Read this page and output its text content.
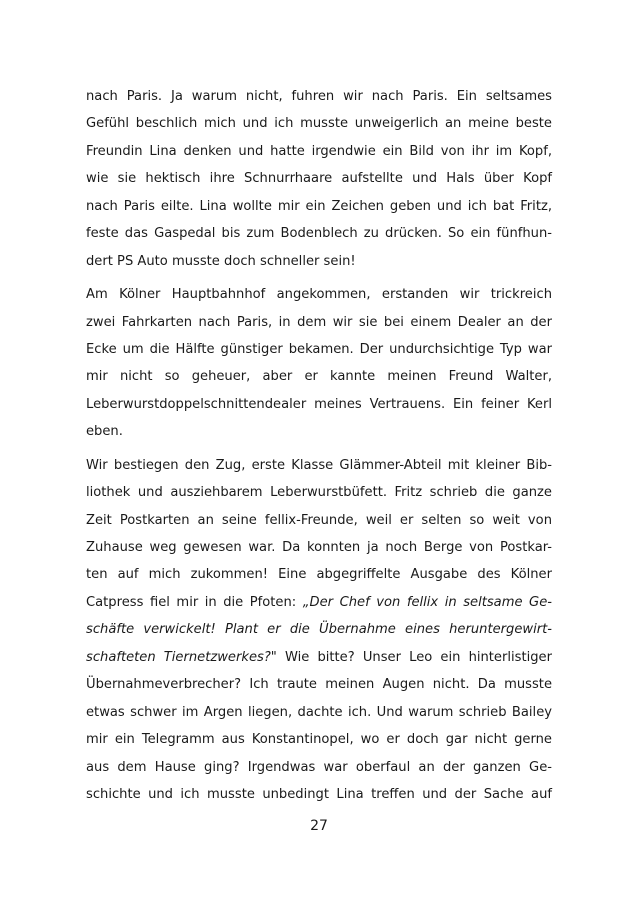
nach Paris. Ja warum nicht, fuhren wir nach Paris. Ein seltsames
Gefühl beschlich mich und ich musste unweigerlich an meine beste
Freundin Lina denken und hatte irgendwie ein Bild von ihr im Kopf,
wie sie hektisch ihre Schnurrhaare aufstellte und Hals über Kopf
nach Paris eilte. Lina wollte mir ein Zeichen geben und ich bat Fritz,
feste das Gaspedal bis zum Bodenblech zu drücken. So ein fünfhun-
dert PS Auto musste doch schneller sein!
Am Kölner Hauptbahnhof angekommen, erstanden wir trickreich
zwei Fahrkarten nach Paris, in dem wir sie bei einem Dealer an der
Ecke um die Hälfte günstiger bekamen. Der undurchsichtige Typ war
mir nicht so geheuer, aber er kannte meinen Freund Walter,
Leberwurstdoppelschnittendealer meines Vertrauens. Ein feiner Kerl
eben.
Wir bestiegen den Zug, erste Klasse Glämmer-Abteil mit kleiner Bib-
liothek und ausziehbarem Leberwurstbüfett. Fritz schrieb die ganze
Zeit Postkarten an seine fellix-Freunde, weil er selten so weit von
Zuhause weg gewesen war. Da konnten ja noch Berge von Postkar-
ten auf mich zukommen! Eine abgegriffelte Ausgabe des Kölner
Catpress fiel mir in die Pfoten: „Der Chef von fellix in seltsame Ge-
schäfte verwickelt! Plant er die Übernahme eines heruntergewirt-
schafteten Tiernetzwerkes?" Wie bitte? Unser Leo ein hinterlistiger
Übernahmeverbrecher? Ich traute meinen Augen nicht. Da musste
etwas schwer im Argen liegen, dachte ich. Und warum schrieb Bailey
mir ein Telegramm aus Konstantinopel, wo er doch gar nicht gerne
aus dem Hause ging? Irgendwas war oberfaul an der ganzen Ge-
schichte und ich musste unbedingt Lina treffen und der Sache auf
27
